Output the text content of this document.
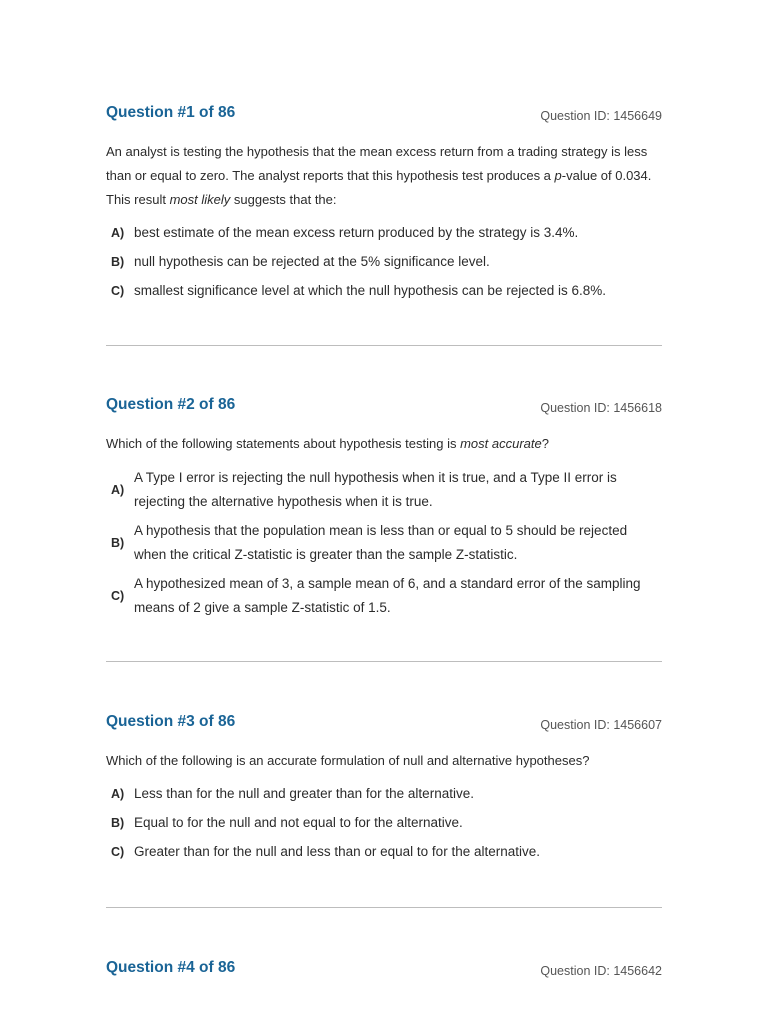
Question #1 of 86	Question ID: 1456649
An analyst is testing the hypothesis that the mean excess return from a trading strategy is less than or equal to zero. The analyst reports that this hypothesis test produces a p-value of 0.034. This result most likely suggests that the:
A) best estimate of the mean excess return produced by the strategy is 3.4%.
B) null hypothesis can be rejected at the 5% significance level.
C) smallest significance level at which the null hypothesis can be rejected is 6.8%.
Question #2 of 86	Question ID: 1456618
Which of the following statements about hypothesis testing is most accurate?
A)
A Type I error is rejecting the null hypothesis when it is true, and a Type II error is rejecting the alternative hypothesis when it is true.
B)
A hypothesis that the population mean is less than or equal to 5 should be rejected when the critical Z-statistic is greater than the sample Z-statistic.
C)
A hypothesized mean of 3, a sample mean of 6, and a standard error of the sampling means of 2 give a sample Z-statistic of 1.5.
Question #3 of 86	Question ID: 1456607
Which of the following is an accurate formulation of null and alternative hypotheses?
A) Less than for the null and greater than for the alternative.
B) Equal to for the null and not equal to for the alternative.
C) Greater than for the null and less than or equal to for the alternative.
Question #4 of 86	Question ID: 1456642
